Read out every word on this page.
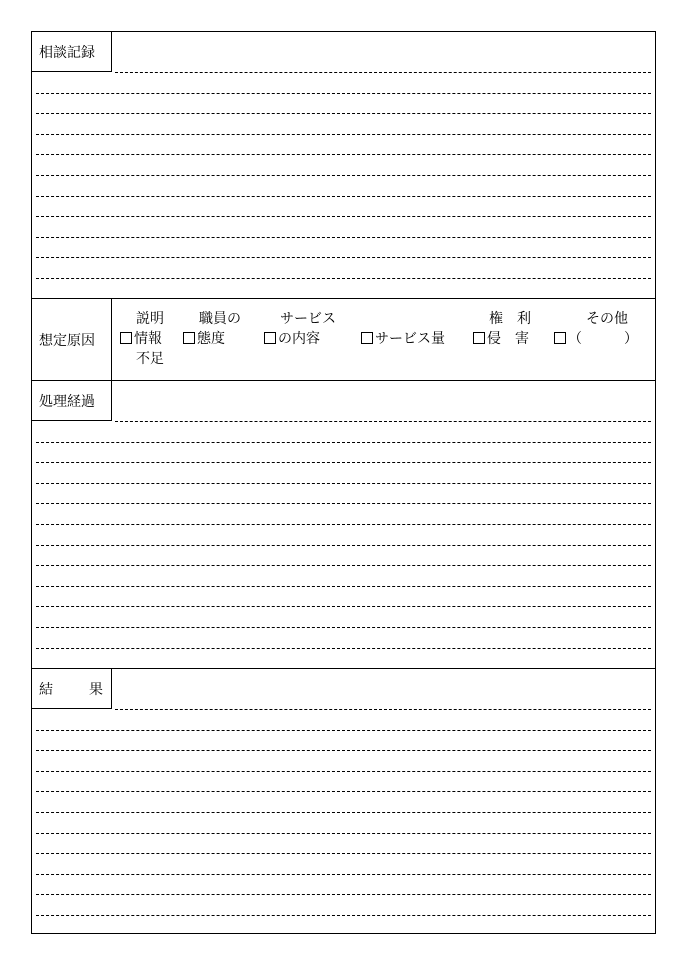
相談記録
想定原因
説明
情報
不足
職員の
態度
サービス
の内容	サービス量
権　利
侵　害
その他
（　　　）
処理経過
結	果
